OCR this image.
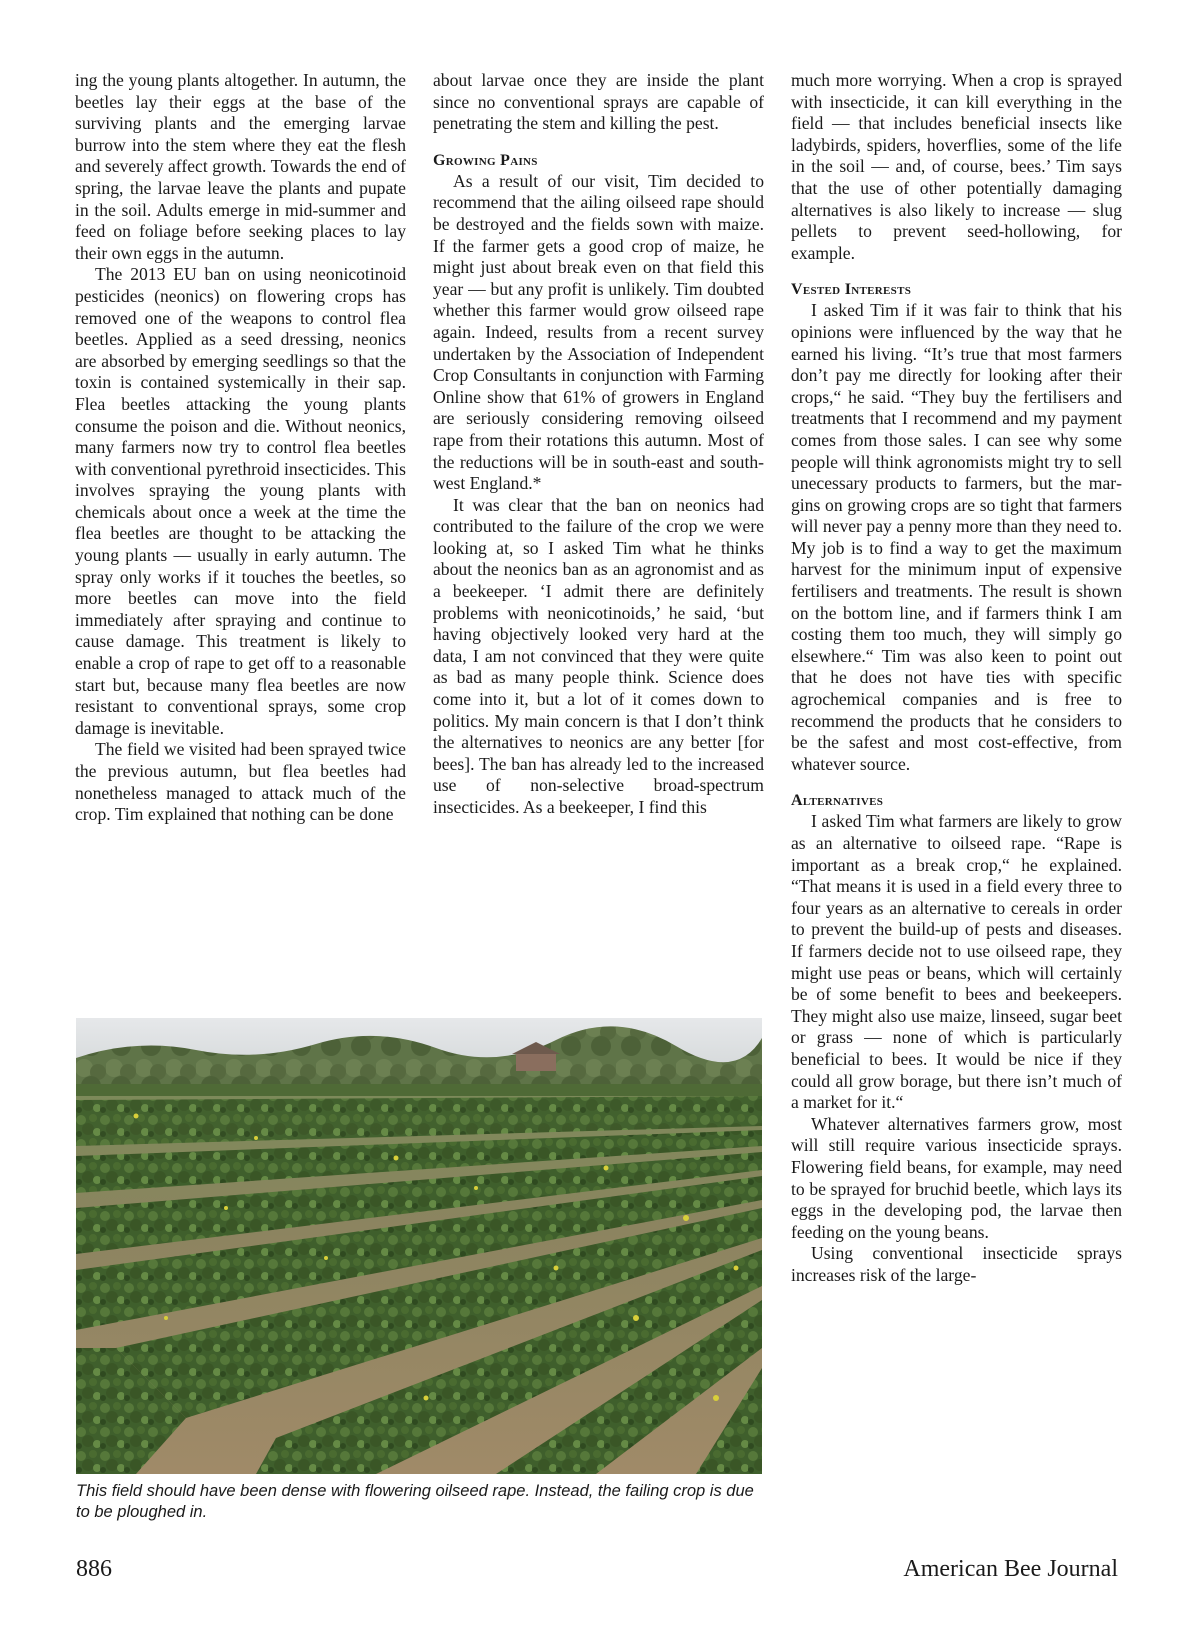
ing the young plants altogether. In autumn, the beetles lay their eggs at the base of the surviving plants and the emerging larvae burrow into the stem where they eat the flesh and severely affect growth. Towards the end of spring, the larvae leave the plants and pupate in the soil. Adults emerge in mid-summer and feed on foliage before seeking places to lay their own eggs in the autumn.

The 2013 EU ban on using neonicotinoid pesticides (neonics) on flowering crops has removed one of the weapons to control flea beetles. Applied as a seed dressing, neonics are absorbed by emerging seedlings so that the toxin is contained systemically in their sap. Flea beetles attacking the young plants consume the poison and die. Without neonics, many farmers now try to control flea beetles with conventional pyrethroid insecticides. This involves spraying the young plants with chemicals about once a week at the time the flea beetles are thought to be attacking the young plants — usually in early autumn. The spray only works if it touches the beetles, so more beetles can move into the field immediately after spraying and continue to cause damage. This treatment is likely to enable a crop of rape to get off to a reasonable start but, because many flea beetles are now resistant to conventional sprays, some crop damage is inevitable.

The field we visited had been sprayed twice the previous autumn, but flea beetles had nonetheless managed to attack much of the crop. Tim explained that nothing can be done

about larvae once they are inside the plant since no conventional sprays are capable of penetrating the stem and killing the pest.

Growing Pains

As a result of our visit, Tim decided to recommend that the ailing oilseed rape should be destroyed and the fields sown with maize. If the farmer gets a good crop of maize, he might just about break even on that field this year — but any profit is unlikely. Tim doubted whether this farmer would grow oilseed rape again. Indeed, results from a recent survey undertaken by the Association of Independent Crop Consultants in conjunction with Farming Online show that 61% of growers in England are seriously considering removing oilseed rape from their rotations this autumn. Most of the reductions will be in south-east and south-west England.*

It was clear that the ban on neonics had contributed to the failure of the crop we were looking at, so I asked Tim what he thinks about the neonics ban as an agronomist and as a beekeeper. ‘I admit there are definitely problems with neonicotinoids,’ he said, ‘but having objectively looked very hard at the data, I am not convinced that they were quite as bad as many people think. Science does come into it, but a lot of it comes down to politics. My main concern is that I don’t think the alternatives to neonics are any better [for bees]. The ban has already led to the increased use of non-selective broad-spectrum insecticides. As a beekeeper, I find this

much more worrying. When a crop is sprayed with insecticide, it can kill everything in the field — that includes beneficial insects like ladybirds, spiders, hoverflies, some of the life in the soil — and, of course, bees.’ Tim says that the use of other potentially damaging alternatives is also likely to increase — slug pellets to prevent seed-hollowing, for example.

Vested Interests

I asked Tim if it was fair to think that his opinions were influenced by the way that he earned his living. “It’s true that most farmers don’t pay me directly for looking after their crops,“ he said. “They buy the fertilisers and treatments that I recommend and my payment comes from those sales. I can see why some people will think agronomists might try to sell unecessary products to farmers, but the margins on growing crops are so tight that farmers will never pay a penny more than they need to. My job is to find a way to get the maximum harvest for the minimum input of expensive fertilisers and treatments. The result is shown on the bottom line, and if farmers think I am costing them too much, they will simply go elsewhere.“ Tim was also keen to point out that he does not have ties with specific agrochemical companies and is free to recommend the products that he considers to be the safest and most cost-effective, from whatever source.

Alternatives

I asked Tim what farmers are likely to grow as an alternative to oilseed rape. “Rape is important as a break crop,“ he explained. “That means it is used in a field every three to four years as an alternative to cereals in order to prevent the build-up of pests and diseases. If farmers decide not to use oilseed rape, they might use peas or beans, which will certainly be of some benefit to bees and beekeepers. They might also use maize, linseed, sugar beet or grass — none of which is particularly beneficial to bees. It would be nice if they could all grow borage, but there isn’t much of a market for it.“

Whatever alternatives farmers grow, most will still require various insecticide sprays. Flowering field beans, for example, may need to be sprayed for bruchid beetle, which lays its eggs in the developing pod, the larvae then feeding on the young beans.

Using conventional insecticide sprays increases risk of the large-

This field should have been dense with flowering oilseed rape. Instead, the failing crop is due to be ploughed in.
886	American Bee Journal
